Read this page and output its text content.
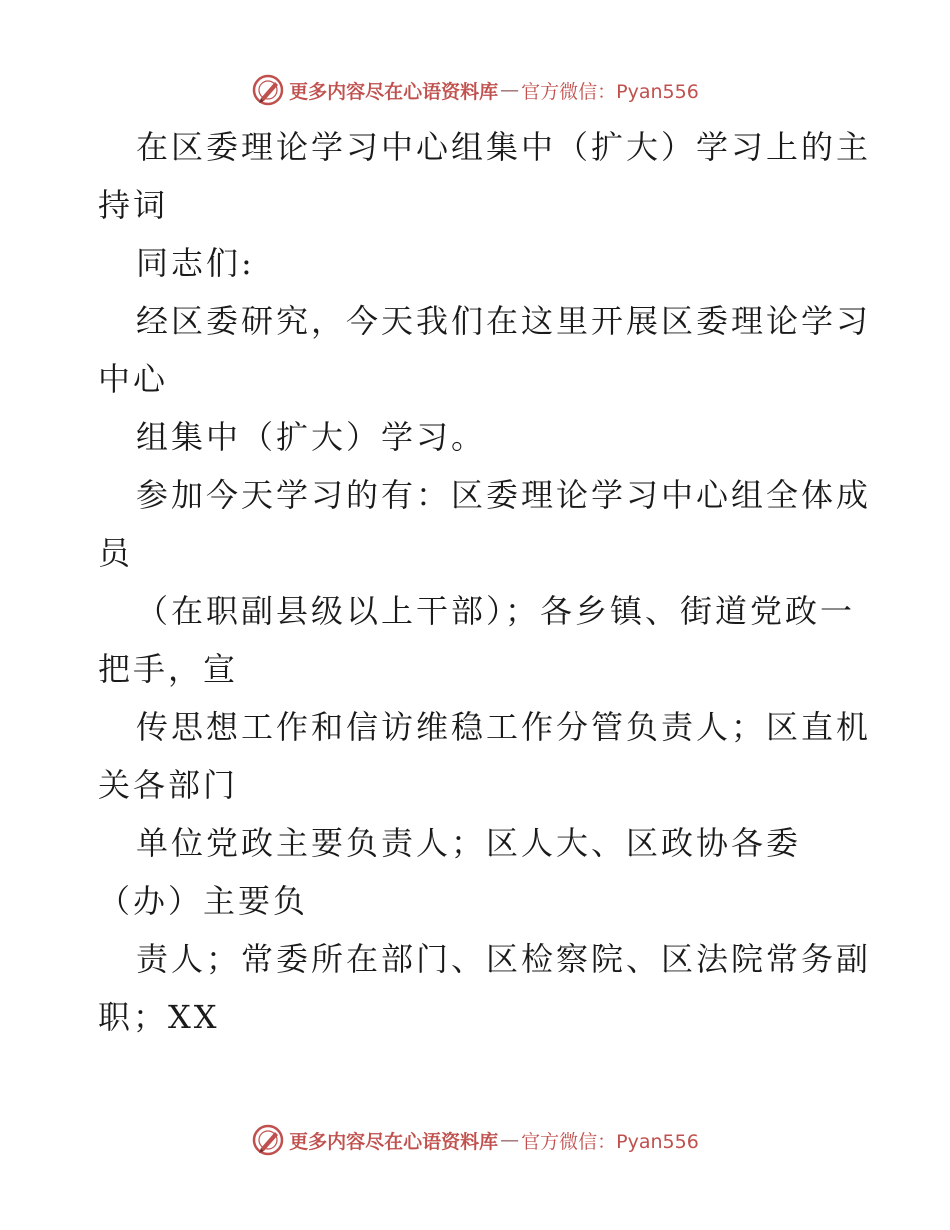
更多内容尽在心语资料库 — 官方微信：Pyan556
在区委理论学习中心组集中（扩大）学习上的主
持词
同志们:
经区委研究，今天我们在这里开展区委理论学习
中心
组集中（扩大）学习。
参加今天学习的有：区委理论学习中心组全体成
员
（在职副县级以上干部）；各乡镇、街道党政一
把手，宣
传思想工作和信访维稳工作分管负责人；区直机
关各部门
单位党政主要负责人；区人大、区政协各委
（办）主要负
责人；常委所在部门、区检察院、区法院常务副
职；XX
更多内容尽在心语资料库 — 官方微信：Pyan556
